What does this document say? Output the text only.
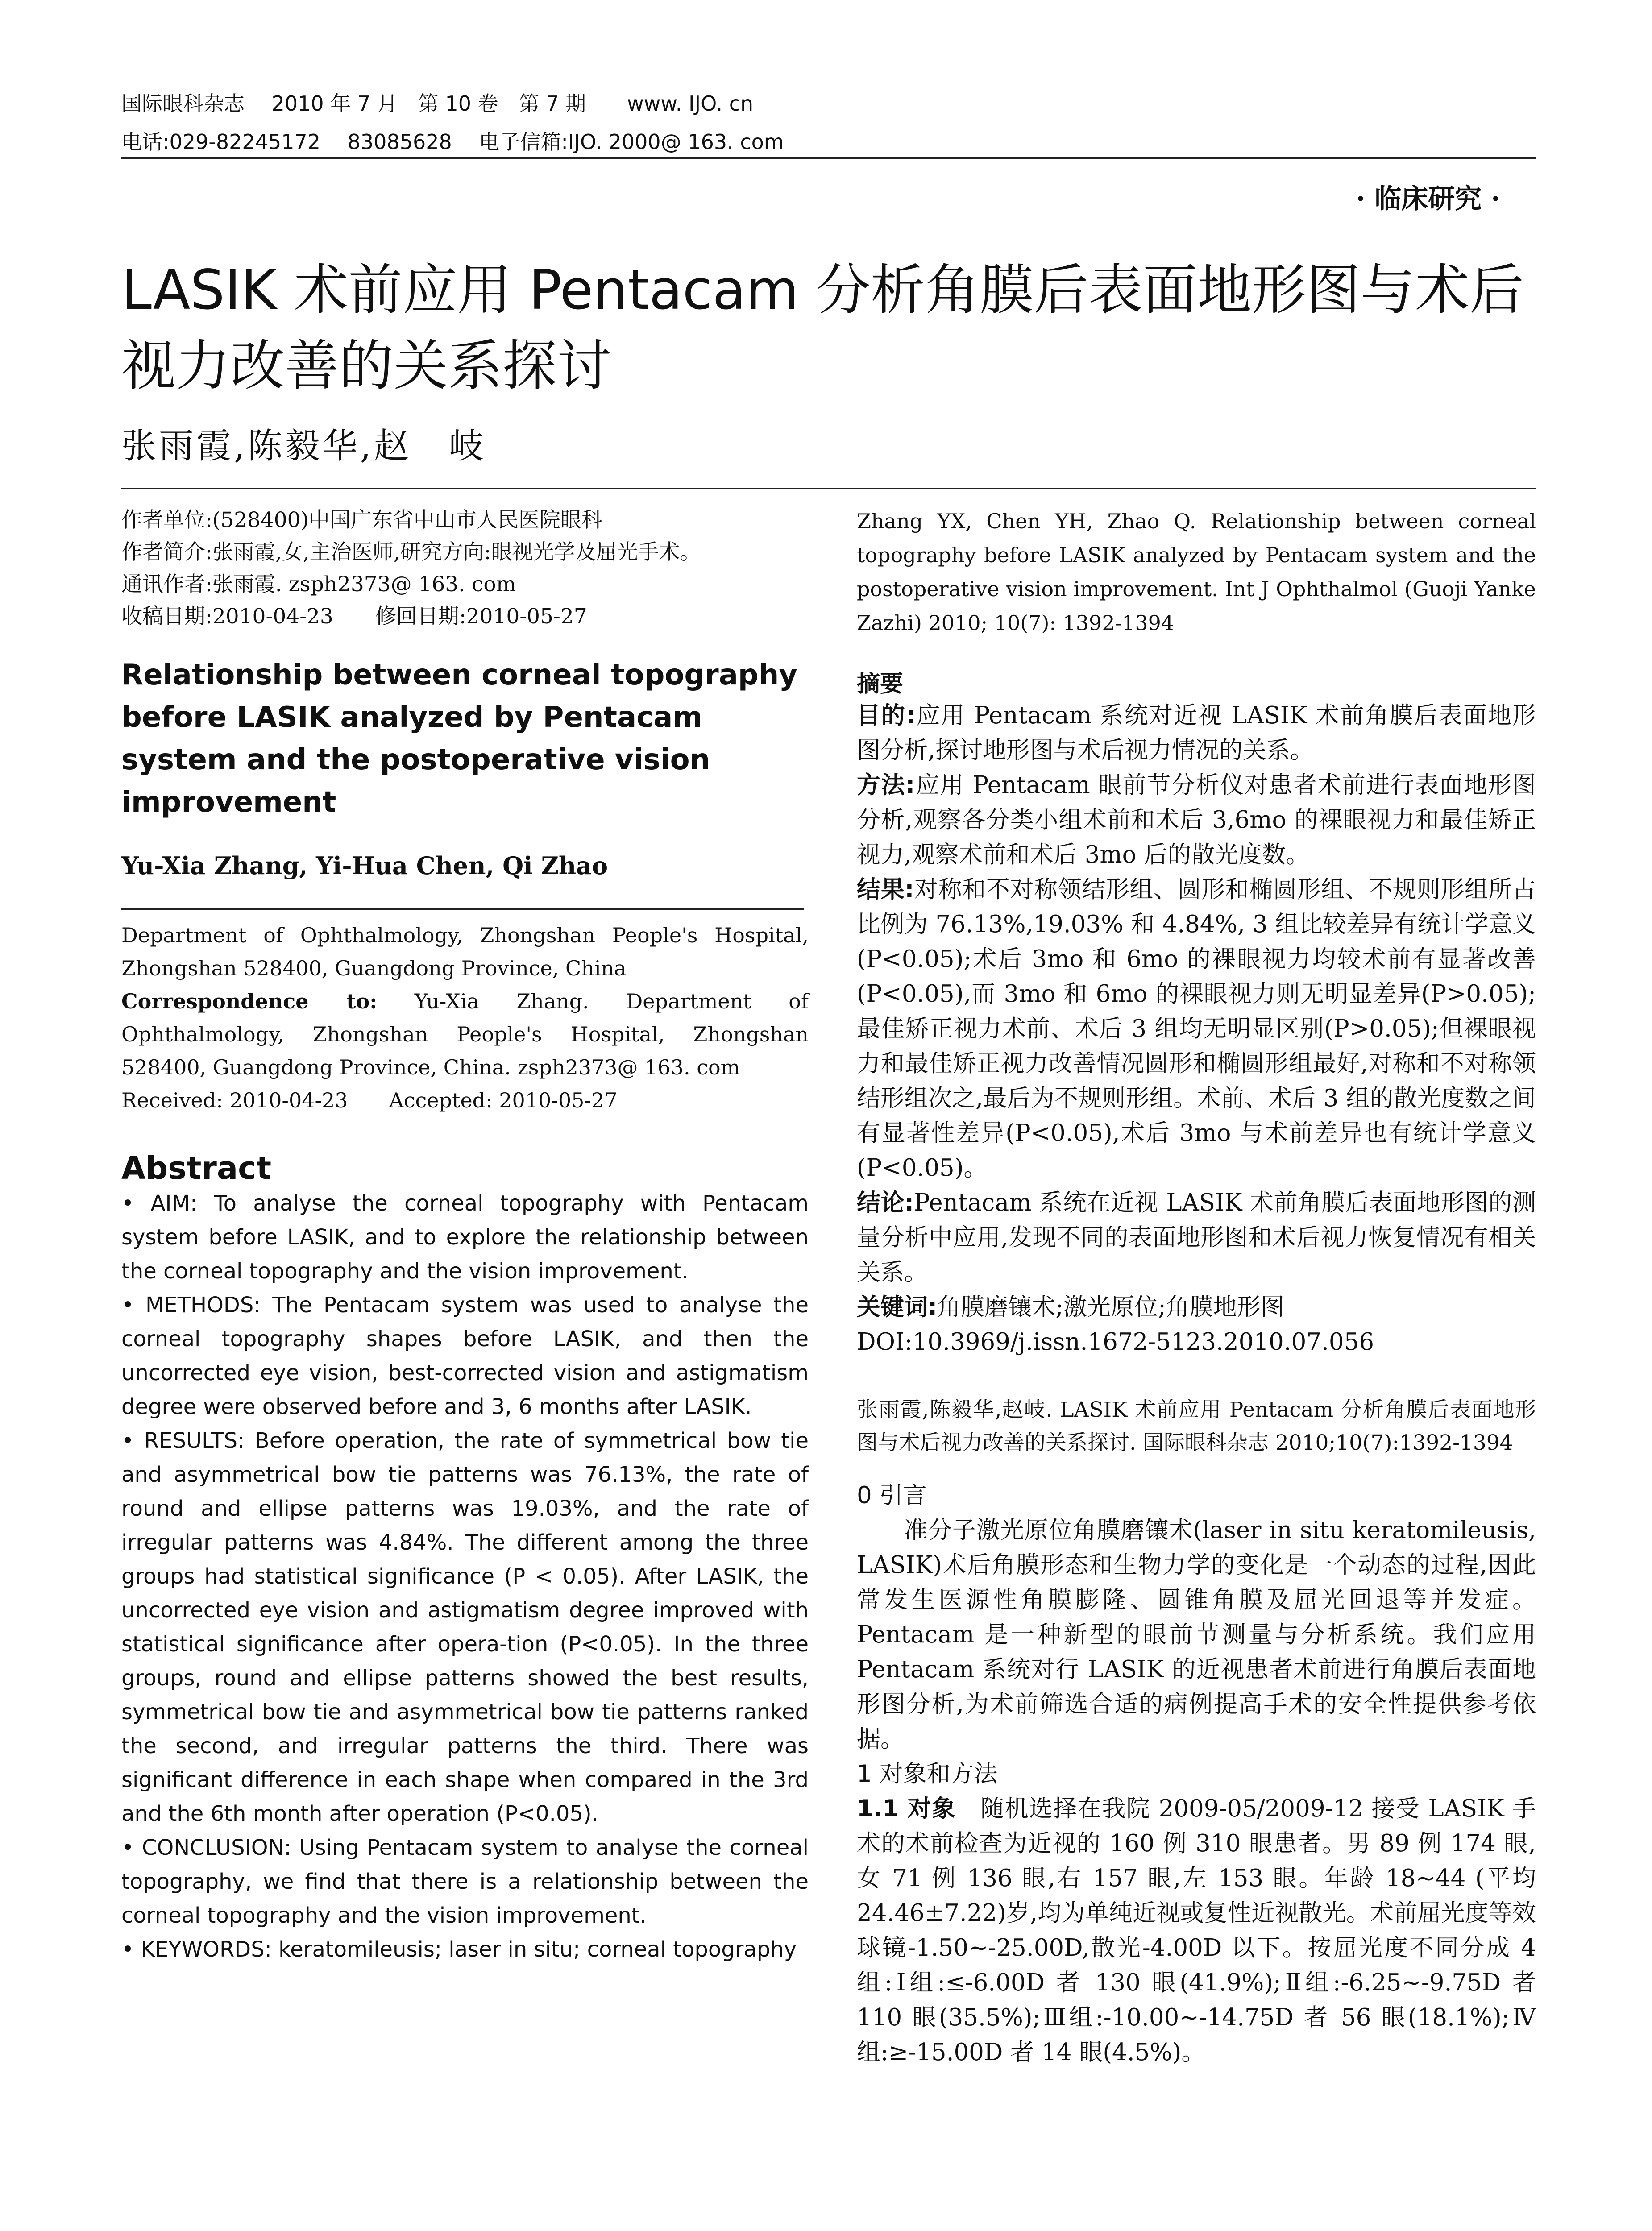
国际眼科杂志　 2010 年 7 月　第 10 卷　第 7 期　　www. IJO. cn
电话:029-82245172　 83085628　 电子信箱:IJO. 2000@ 163. com
· 临床研究 ·
LASIK 术前应用 Pentacam 分析角膜后表面地形图与术后视力改善的关系探讨
张雨霞,陈毅华,赵　岐
作者单位:(528400)中国广东省中山市人民医院眼科
作者简介:张雨霞,女,主治医师,研究方向:眼视光学及屈光手术。
通讯作者:张雨霞. zsph2373@ 163. com
收稿日期:2010-04-23　　修回日期:2010-05-27
Relationship between corneal topography before LASIK analyzed by Pentacam system and the postoperative vision improvement
Yu-Xia Zhang, Yi-Hua Chen, Qi Zhao
Department of Ophthalmology, Zhongshan People's Hospital, Zhongshan 528400, Guangdong Province, China
Correspondence to: Yu-Xia Zhang. Department of Ophthalmology, Zhongshan People's Hospital, Zhongshan 528400, Guangdong Province, China. zsph2373@ 163. com
Received: 2010-04-23　　Accepted: 2010-05-27
Abstract
• AIM: To analyse the corneal topography with Pentacam system before LASIK, and to explore the relationship between the corneal topography and the vision improvement.
• METHODS: The Pentacam system was used to analyse the corneal topography shapes before LASIK, and then the uncorrected eye vision, best-corrected vision and astigmatism degree were observed before and 3, 6 months after LASIK.
• RESULTS: Before operation, the rate of symmetrical bow tie and asymmetrical bow tie patterns was 76.13%, the rate of round and ellipse patterns was 19.03%, and the rate of irregular patterns was 4.84%. The different among the three groups had statistical significance (P < 0.05). After LASIK, the uncorrected eye vision and astigmatism degree improved with statistical significance after opera-tion (P<0.05). In the three groups, round and ellipse patterns showed the best results, symmetrical bow tie and asymmetrical bow tie patterns ranked the second, and irregular patterns the third. There was significant difference in each shape when compared in the 3rd and the 6th month after operation (P<0.05).
• CONCLUSION: Using Pentacam system to analyse the corneal topography, we find that there is a relationship between the corneal topography and the vision improvement.
• KEYWORDS: keratomileusis; laser in situ; corneal topography
Zhang YX, Chen YH, Zhao Q. Relationship between corneal topography before LASIK analyzed by Pentacam system and the postoperative vision improvement. Int J Ophthalmol (Guoji Yanke Zazhi) 2010; 10(7): 1392-1394
摘要
目的:应用 Pentacam 系统对近视 LASIK 术前角膜后表面地形图分析,探讨地形图与术后视力情况的关系。
方法:应用 Pentacam 眼前节分析仪对患者术前进行表面地形图分析,观察各分类小组术前和术后 3,6mo 的裸眼视力和最佳矫正视力,观察术前和术后 3mo 后的散光度数。
结果:对称和不对称领结形组、圆形和椭圆形组、不规则形组所占比例为 76.13%,19.03% 和 4.84%, 3 组比较差异有统计学意义(P<0.05);术后 3mo 和 6mo 的裸眼视力均较术前有显著改善(P<0.05),而 3mo 和 6mo 的裸眼视力则无明显差异(P>0.05);最佳矫正视力术前、术后 3 组均无明显区别(P>0.05);但裸眼视力和最佳矫正视力改善情况圆形和椭圆形组最好,对称和不对称领结形组次之,最后为不规则形组。术前、术后 3 组的散光度数之间有显著性差异(P<0.05),术后 3mo 与术前差异也有统计学意义(P<0.05)。
结论:Pentacam 系统在近视 LASIK 术前角膜后表面地形图的测量分析中应用,发现不同的表面地形图和术后视力恢复情况有相关关系。
关键词:角膜磨镶术;激光原位;角膜地形图
DOI:10.3969/j.issn.1672-5123.2010.07.056
张雨霞,陈毅华,赵岐. LASIK 术前应用 Pentacam 分析角膜后表面地形图与术后视力改善的关系探讨. 国际眼科杂志 2010;10(7):1392-1394
0 引言
准分子激光原位角膜磨镶术(laser in situ keratomileusis, LASIK)术后角膜形态和生物力学的变化是一个动态的过程,因此常发生医源性角膜膨隆、圆锥角膜及屈光回退等并发症。Pentacam 是一种新型的眼前节测量与分析系统。我们应用 Pentacam 系统对行 LASIK 的近视患者术前进行角膜后表面地形图分析,为术前筛选合适的病例提高手术的安全性提供参考依据。
1 对象和方法
1.1 对象　随机选择在我院 2009-05/2009-12 接受 LASIK 手术的术前检查为近视的 160 例 310 眼患者。男 89 例 174 眼,女 71 例 136 眼,右 157 眼,左 153 眼。年龄 18~44 (平均 24.46±7.22)岁,均为单纯近视或复性近视散光。术前屈光度等效球镜-1.50~-25.00D,散光-4.00D 以下。按屈光度不同分成 4 组:Ⅰ组:≤-6.00D 者 130 眼(41.9%);Ⅱ组:-6.25~-9.75D 者 110 眼(35.5%);Ⅲ组:-10.00~-14.75D 者 56 眼(18.1%);Ⅳ组:≥-15.00D 者 14 眼(4.5%)。
